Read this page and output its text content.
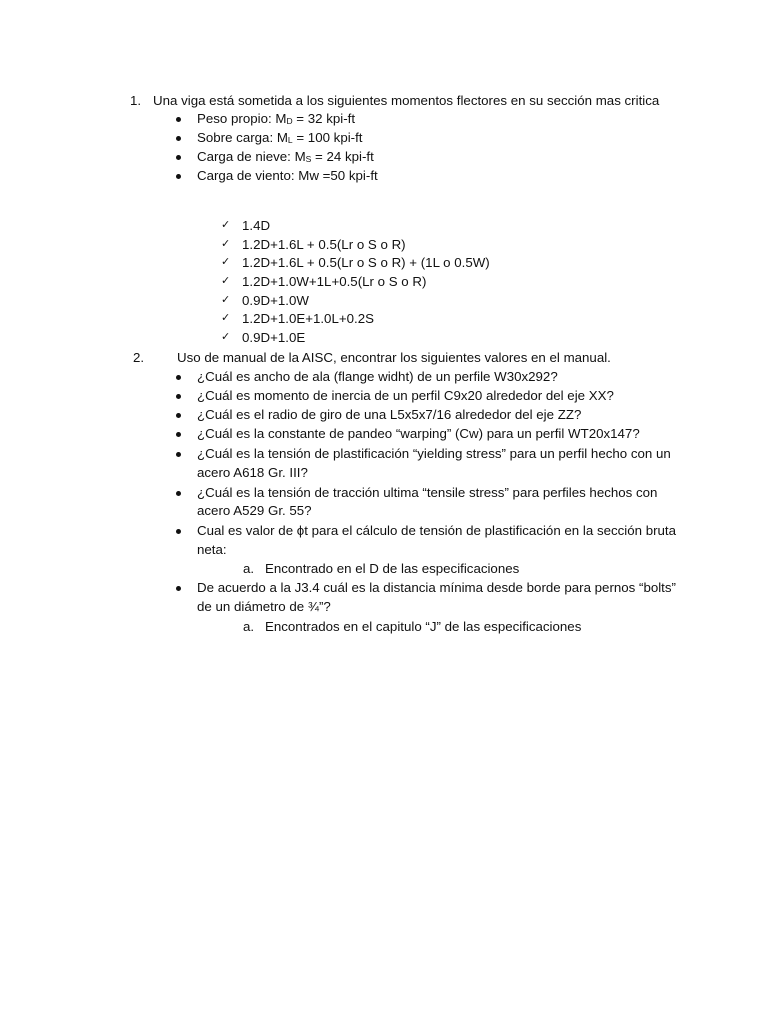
1. Una viga está sometida a los siguientes momentos flectores en su sección mas critica
Peso propio: $M_D = 32$ kpi-ft
Sobre carga: $M_L = 100$ kpi-ft
Carga de nieve: $M_S = 24$ kpi-ft
Carga de viento: Mw =50 kpi-ft
✓ 1.4D
✓ 1.2D+1.6L + 0.5(Lr o S o R)
✓ 1.2D+1.6L + 0.5(Lr o S o R) + (1L o 0.5W)
✓ 1.2D+1.0W+1L+0.5(Lr o S o R)
✓ 0.9D+1.0W
✓ 1.2D+1.0E+1.0L+0.2S
✓ 0.9D+1.0E
2. Uso de manual de la AISC, encontrar los siguientes valores en el manual.
¿Cuál es ancho de ala (flange widht) de un perfile W30x292?
¿Cuál es momento de inercia de un perfil C9x20 alrededor del eje XX?
¿Cuál es el radio de giro de una L5x5x7/16 alrededor del eje ZZ?
¿Cuál es la constante de pandeo “warping” (Cw) para un perfil WT20x147?
¿Cuál es la tensión de plastificación “yielding stress” para un perfil hecho con un
acero A618 Gr. III?
¿Cuál es la tensión de tracción ultima “tensile stress” para perfiles hechos con
acero A529 Gr. 55?
Cual es valor de ϕt para el cálculo de tensión de plastificación en la sección bruta
neta:
a. Encontrado en el D de las especificaciones
De acuerdo a la J3.4 cuál es la distancia mínima desde borde para pernos “bolts”
de un diámetro de ¾”?
a. Encontrados en el capitulo “J” de las especificaciones
